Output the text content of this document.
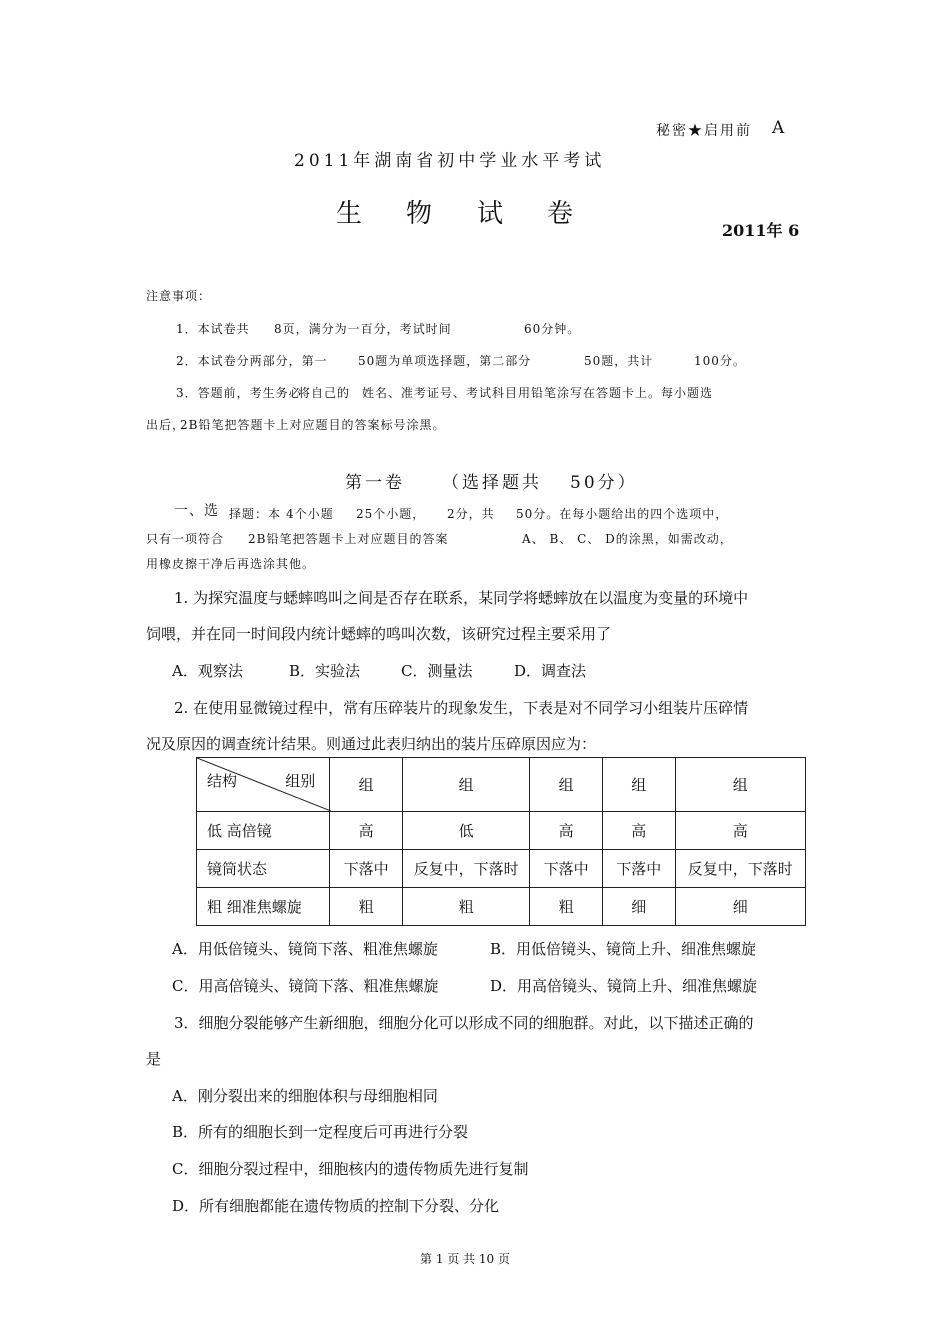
秘密★启用前 A
2011年湖南省初中学业水平考试
生 物 试 卷
2011年 6
注意事项：
1．本试卷共 8页，满分为一百分，考试时间	60分钟。
2．本试卷分两部分，第一	50题为单项选择题，第二部分	50题，共计	100分。
3．答题前，考生务必
将自己的 姓名、准考证号、考试科目用铅笔涂写在答题卡上。每小题选
出后，
2B铅笔把答题卡上对应题目的答案标号涂黑。
第一卷 （选择题共 50分）
一、选 择题：本 4个小题 25个小题， 2分，共 50分。在每小题给出的四个选项中，
只有一项符合 2B铅笔把答题卡上对应题目的答案	A、 B、 C、 D的涂黑，如需改动，
用橡皮擦干净后再选涂其他。
1. 为探究温度与蟋蟀鸣叫之间是否存在联系，某同学将蟋蟀放在以温度为变量的环境中
饲喂，并在同一时间段内统计蟋蟀的鸣叫次数，该研究过程主要采用了
A．观察法	B．实验法	C．测量法	D．调查法
2. 在使用显微镜过程中，常有压碎装片的现象发生，下表是对不同学习小组装片压碎情
况及原因的调查统计结果。则通过此表归纳出的装片压碎原因应为：
结构 组别	组	组	组	组	组
低 高倍镜	高	低	高	高	高
镜筒状态	下落中	反复中，下落时	下落中	下落中	反复中，下落时
粗 细准焦螺旋	粗	粗	粗	细	细
A．用低倍镜头、镜筒下落、粗准焦螺旋	B．用低倍镜头、镜筒上升、细准焦螺旋
C．用高倍镜头、镜筒下落、粗准焦螺旋	D．用高倍镜头、镜筒上升、细准焦螺旋
3．细胞分裂能够产生新细胞，细胞分化可以形成不同的细胞群。对此，以下描述正确的
是
A．刚分裂出来的细胞体积与母细胞相同
B．所有的细胞长到一定程度后可再进行分裂
C．细胞分裂过程中，细胞核内的遗传物质先进行复制
D．所有细胞都能在遗传物质的控制下分裂、分化
第 1 页 共 10 页
